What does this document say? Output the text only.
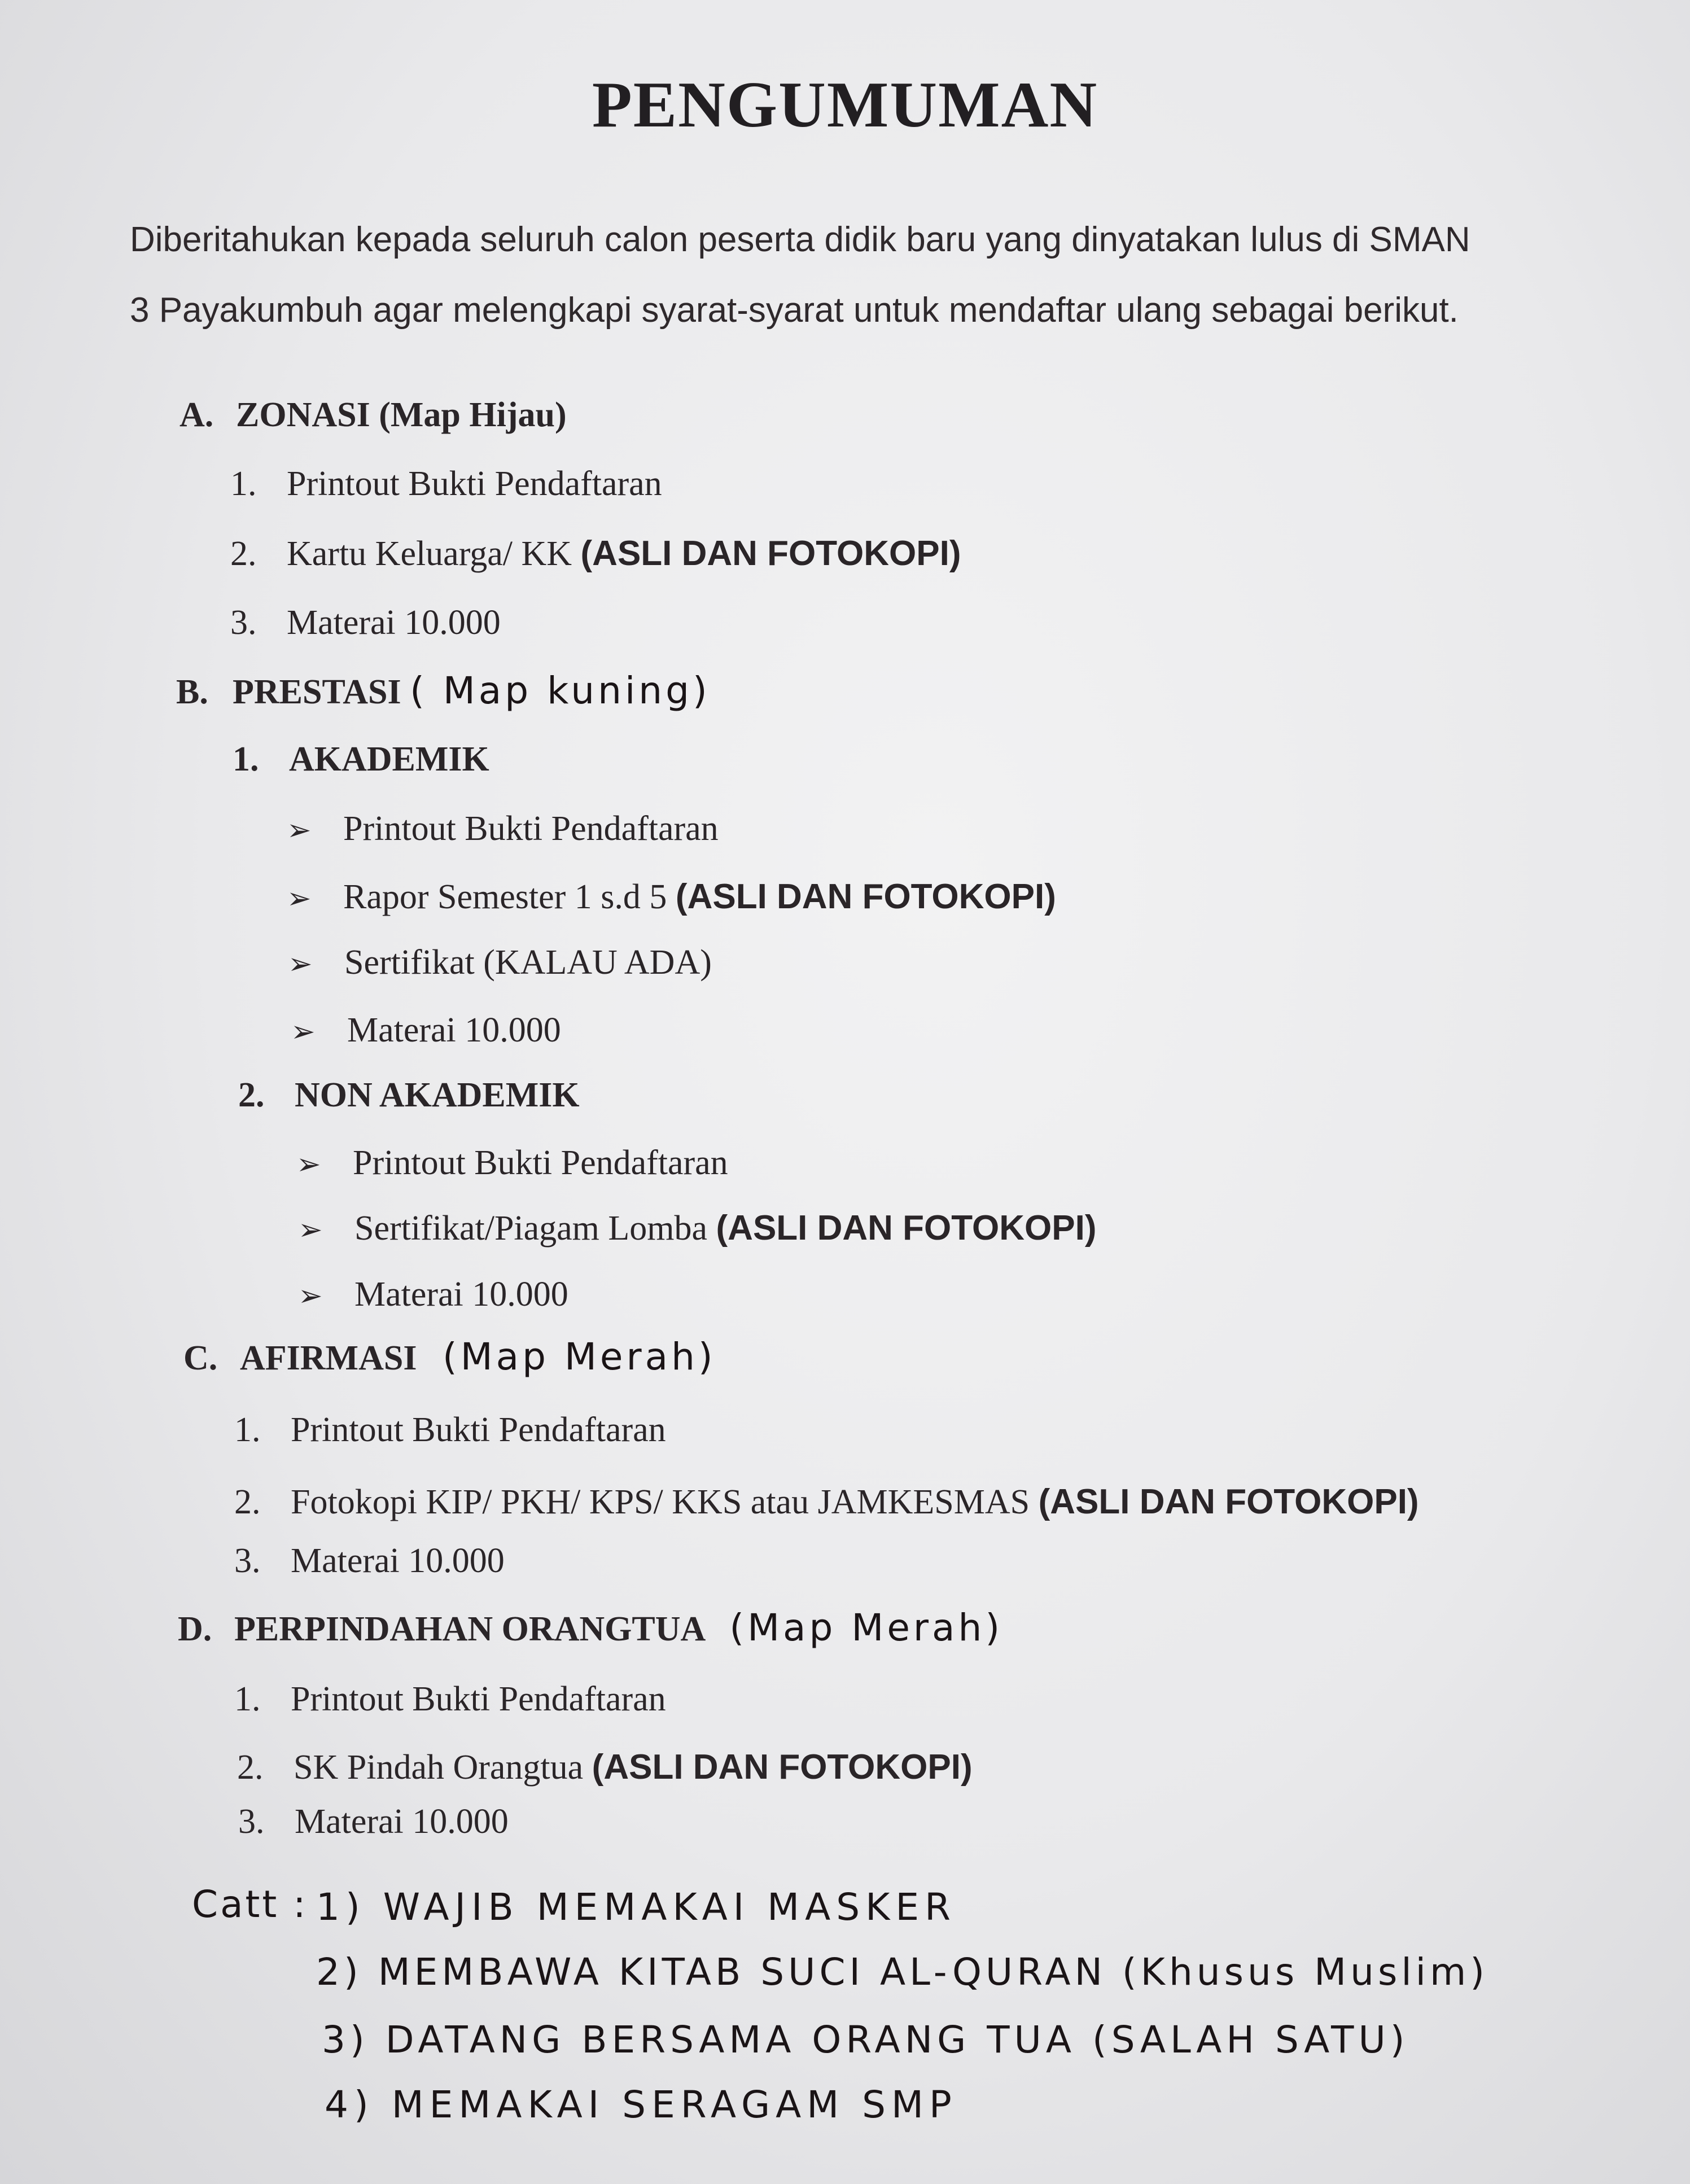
PENGUMUMAN
Diberitahukan kepada seluruh calon peserta didik baru yang dinyatakan lulus di SMAN
3 Payakumbuh agar melengkapi syarat-syarat untuk mendaftar ulang sebagai berikut.
A. ZONASI (Map Hijau)
1. Printout Bukti Pendaftaran
2. Kartu Keluarga/ KK (ASLI DAN FOTOKOPI)
3. Materai 10.000
B. PRESTASI ( Map kuning)
1. AKADEMIK
➢ Printout Bukti Pendaftaran
➢ Rapor Semester 1 s.d 5 (ASLI DAN FOTOKOPI)
➢ Sertifikat (KALAU ADA)
➢ Materai 10.000
2. NON AKADEMIK
➢ Printout Bukti Pendaftaran
➢ Sertifikat/Piagam Lomba (ASLI DAN FOTOKOPI)
➢ Materai 10.000
C. AFIRMASI (Map Merah)
1. Printout Bukti Pendaftaran
2. Fotokopi KIP/ PKH/ KPS/ KKS atau JAMKESMAS (ASLI DAN FOTOKOPI)
3. Materai 10.000
D. PERPINDAHAN ORANGTUA (Map Merah)
1. Printout Bukti Pendaftaran
2. SK Pindah Orangtua (ASLI DAN FOTOKOPI)
3. Materai 10.000
Catt : 1) WAJIB MEMAKAI MASKER
2) MEMBAWA KITAB SUCI AL-QURAN (Khusus Muslim)
3) DATANG BERSAMA ORANG TUA (SALAH SATU)
4) MEMAKAI SERAGAM SMP
